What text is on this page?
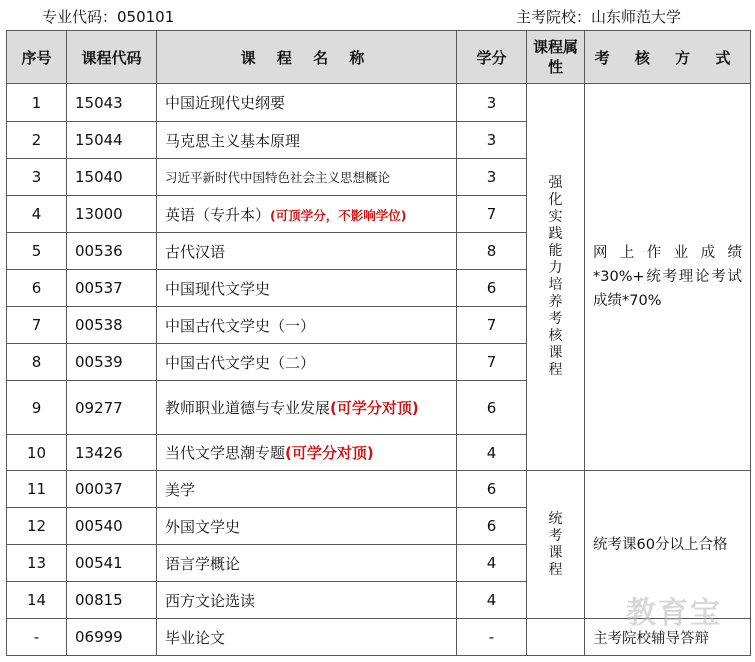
专业代码：050101	主考院校：山东师范大学
序号	课程代码	课 程 名 称	学分	课程属性	考 核 方 式
1	15043	中国近现代史纲要	3	强化实践能力培养考核课程	网上作业成绩*30%+统考理论考试成绩*70%
2	15044	马克思主义基本原理	3		
3	15040	习近平新时代中国特色社会主义思想概论	3		
4	13000	英语（专升本）(可顶学分，不影响学位)	7		
5	00536	古代汉语	8		
6	00537	中国现代文学史	6		
7	00538	中国古代文学史（一）	7		
8	00539	中国古代文学史（二）	7		
9	09277	教师职业道德与专业发展(可学分对顶)	6		
10	13426	当代文学思潮专题(可学分对顶)	4		
11	00037	美学	6	统考课程	统考课60分以上合格
12	00540	外国文学史	6		
13	00541	语言学概论	4		
14	00815	西方文论选读	4		
-	06999	毕业论文	-		主考院校辅导答辩
教育宝
